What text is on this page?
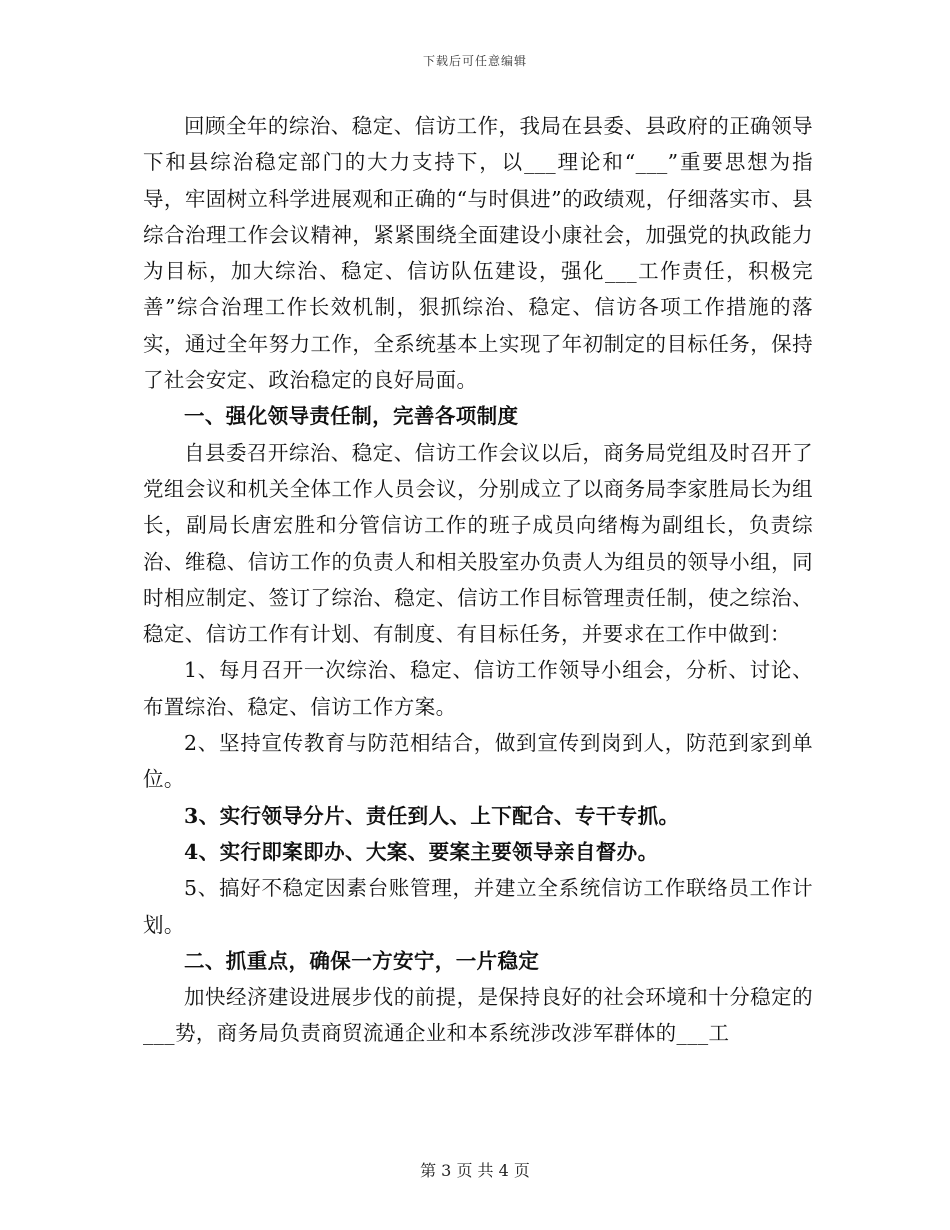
下载后可任意编辑

回顾全年的综治、稳定、信访工作，我局在县委、县政府的正确领导下和县综治稳定部门的大力支持下，以___理论和“___”重要思想为指导，牢固树立科学进展观和正确的“与时俱进”的政绩观，仔细落实市、县综合治理工作会议精神，紧紧围绕全面建设小康社会，加强党的执政能力为目标，加大综治、稳定、信访队伍建设，强化___工作责任，积极完善”综合治理工作长效机制，狠抓综治、稳定、信访各项工作措施的落实，通过全年努力工作，全系统基本上实现了年初制定的目标任务，保持了社会安定、政治稳定的良好局面。

一、强化领导责任制，完善各项制度

自县委召开综治、稳定、信访工作会议以后，商务局党组及时召开了党组会议和机关全体工作人员会议，分别成立了以商务局李家胜局长为组长，副局长唐宏胜和分管信访工作的班子成员向绪梅为副组长，负责综治、维稳、信访工作的负责人和相关股室办负责人为组员的领导小组，同时相应制定、签订了综治、稳定、信访工作目标管理责任制，使之综治、稳定、信访工作有计划、有制度、有目标任务，并要求在工作中做到：

1、每月召开一次综治、稳定、信访工作领导小组会，分析、讨论、布置综治、稳定、信访工作方案。

2、坚持宣传教育与防范相结合，做到宣传到岗到人，防范到家到单位。

3、实行领导分片、责任到人、上下配合、专干专抓。

4、实行即案即办、大案、要案主要领导亲自督办。

5、搞好不稳定因素台账管理，并建立全系统信访工作联络员工作计划。

二、抓重点，确保一方安宁，一片稳定

加快经济建设进展步伐的前提，是保持良好的社会环境和十分稳定的___势，商务局负责商贸流通企业和本系统涉改涉军群体的___工

第 3 页 共 4 页
